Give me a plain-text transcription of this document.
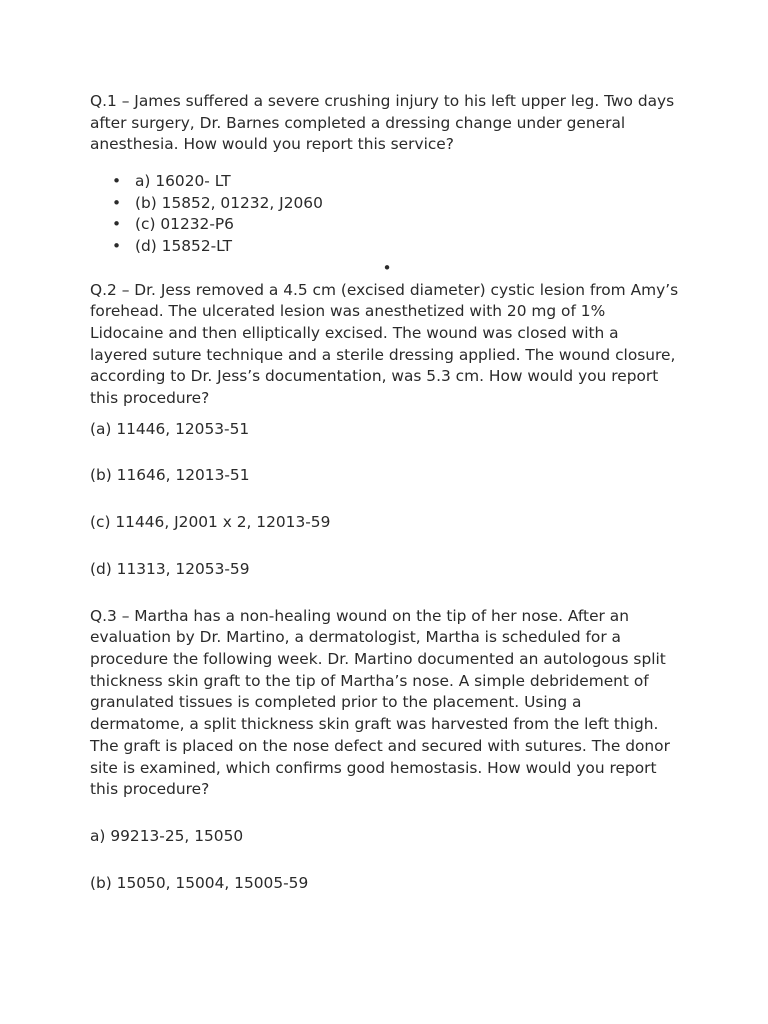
Q.1 – James suffered a severe crushing injury to his left upper leg. Two days after surgery, Dr. Barnes completed a dressing change under general anesthesia. How would you report this service?

• a) 16020- LT
• (b) 15852, 01232, J2060
• (c) 01232-P6
• (d) 15852-LT
•

Q.2 – Dr. Jess removed a 4.5 cm (excised diameter) cystic lesion from Amy’s forehead. The ulcerated lesion was anesthetized with 20 mg of 1% Lidocaine and then elliptically excised. The wound was closed with a layered suture technique and a sterile dressing applied. The wound closure, according to Dr. Jess’s documentation, was 5.3 cm. How would you report this procedure?

(a) 11446, 12053-51

(b) 11646, 12013-51

(c) 11446, J2001 x 2, 12013-59

(d) 11313, 12053-59

Q.3 – Martha has a non-healing wound on the tip of her nose. After an evaluation by Dr. Martino, a dermatologist, Martha is scheduled for a procedure the following week. Dr. Martino documented an autologous split thickness skin graft to the tip of Martha’s nose. A simple debridement of granulated tissues is completed prior to the placement. Using a dermatome, a split thickness skin graft was harvested from the left thigh. The graft is placed on the nose defect and secured with sutures. The donor site is examined, which confirms good hemostasis. How would you report this procedure?

a) 99213-25, 15050

(b) 15050, 15004, 15005-59
